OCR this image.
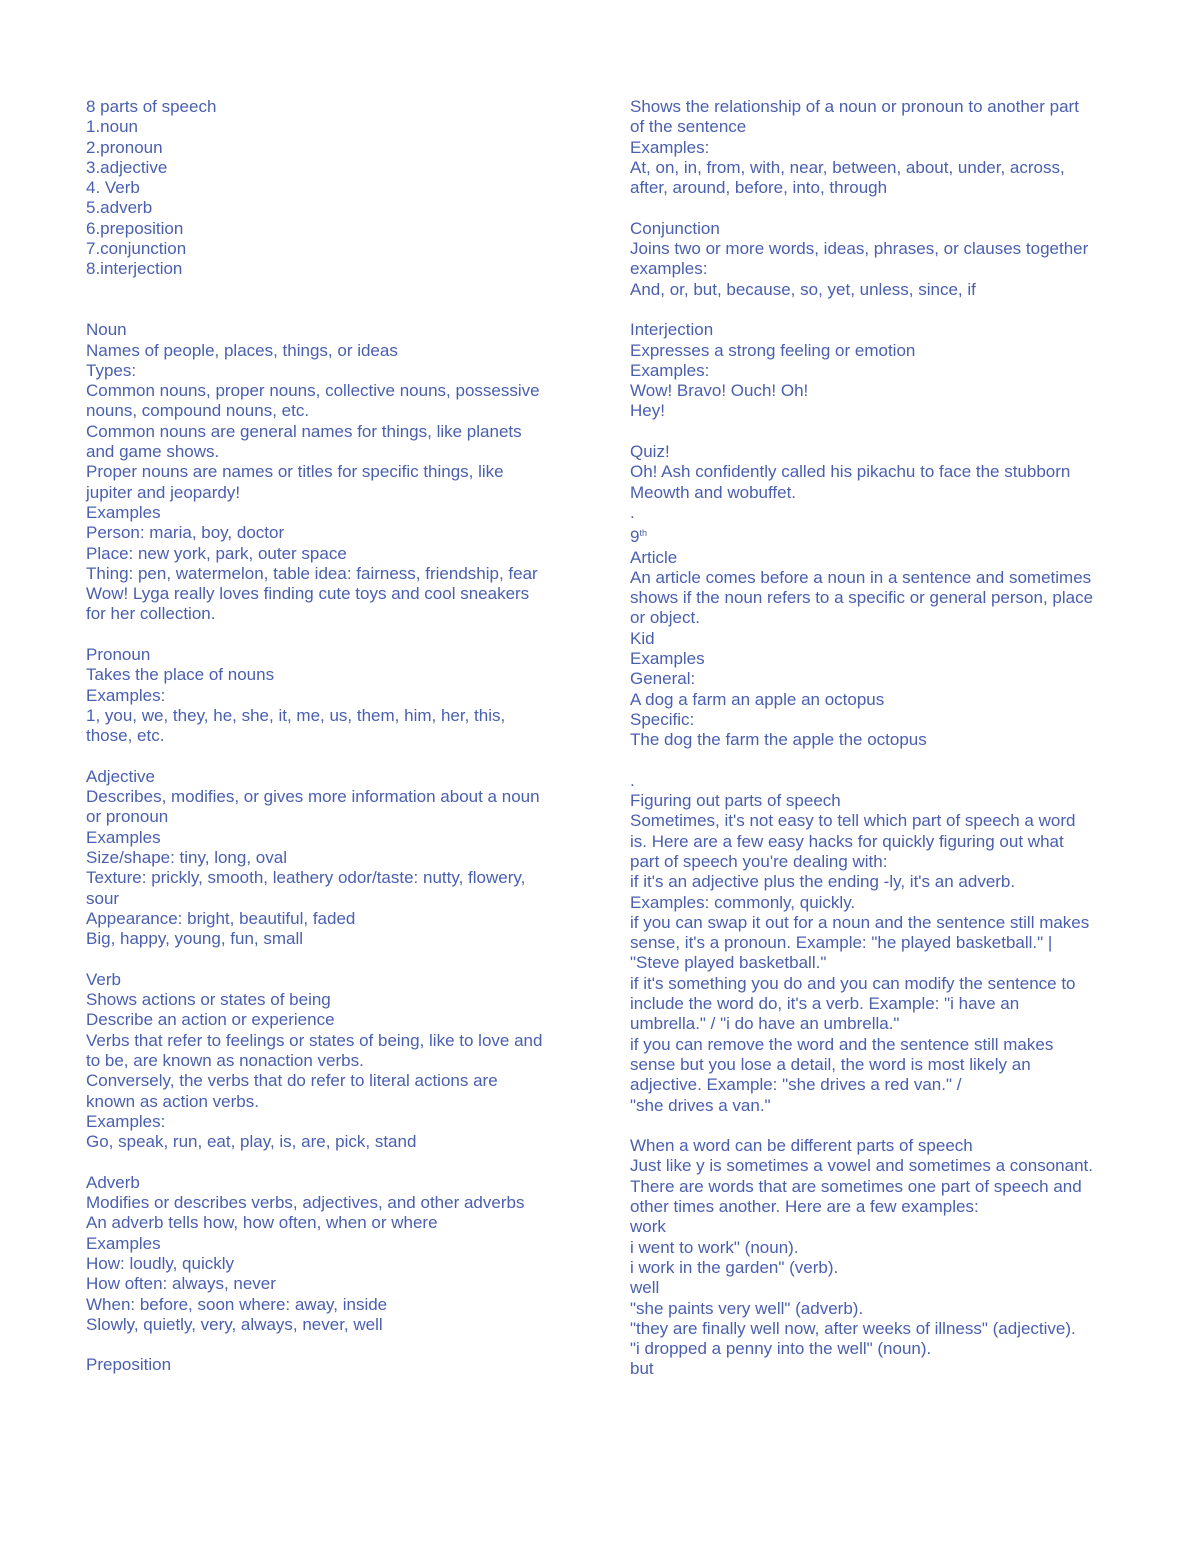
8 parts of speech
1.noun
2.pronoun
3.adjective
4. Verb
5.adverb
6.preposition
7.conjunction
8.interjection
Noun
Names of people, places, things, or ideas
Types:
Common nouns, proper nouns, collective nouns, possessive
nouns, compound nouns, etc.
Common nouns are general names for things, like planets
and game shows.
Proper nouns are names or titles for specific things, like
jupiter and jeopardy!
Examples
Person: maria, boy, doctor
Place: new york, park, outer space
Thing: pen, watermelon, table idea: fairness, friendship, fear
Wow! Lyga really loves finding cute toys and cool sneakers
for her collection.
Pronoun
Takes the place of nouns
Examples:
1, you, we, they, he, she, it, me, us, them, him, her, this,
those, etc.
Adjective
Describes, modifies, or gives more information about a noun
or pronoun
Examples
Size/shape: tiny, long, oval
Texture: prickly, smooth, leathery odor/taste: nutty, flowery,
sour
Appearance: bright, beautiful, faded
Big, happy, young, fun, small
Verb
Shows actions or states of being
Describe an action or experience
Verbs that refer to feelings or states of being, like to love and
to be, are known as nonaction verbs.
Conversely, the verbs that do refer to literal actions are
known as action verbs.
Examples:
Go, speak, run, eat, play, is, are, pick, stand
Adverb
Modifies or describes verbs, adjectives, and other adverbs
An adverb tells how, how often, when or where
Examples
How: loudly, quickly
How often: always, never
When: before, soon where: away, inside
Slowly, quietly, very, always, never, well
Preposition
Shows the relationship of a noun or pronoun to another part
of the sentence
Examples:
At, on, in, from, with, near, between, about, under, across,
after, around, before, into, through
Conjunction
Joins two or more words, ideas, phrases, or clauses together
examples:
And, or, but, because, so, yet, unless, since, if
Interjection
Expresses a strong feeling or emotion
Examples:
Wow! Bravo! Ouch! Oh!
Hey!
Quiz!
Oh! Ash confidently called his pikachu to face the stubborn
Meowth and wobuffet.
.
9th
Article
An article comes before a noun in a sentence and sometimes
shows if the noun refers to a specific or general person, place
or object.
Kid
Examples
General:
A dog a farm an apple an octopus
Specific:
The dog the farm the apple the octopus
.
Figuring out parts of speech
Sometimes, it's not easy to tell which part of speech a word
is. Here are a few easy hacks for quickly figuring out what
part of speech you're dealing with:
if it's an adjective plus the ending -ly, it's an adverb.
Examples: commonly, quickly.
if you can swap it out for a noun and the sentence still makes
sense, it's a pronoun. Example: "he played basketball." |
"Steve played basketball."
if it's something you do and you can modify the sentence to
include the word do, it's a verb. Example: "i have an
umbrella." / "i do have an umbrella."
if you can remove the word and the sentence still makes
sense but you lose a detail, the word is most likely an
adjective. Example: "she drives a red van." /
"she drives a van."
When a word can be different parts of speech
Just like y is sometimes a vowel and sometimes a consonant.
There are words that are sometimes one part of speech and
other times another. Here are a few examples:
work
i went to work" (noun).
i work in the garden" (verb).
well
"she paints very well" (adverb).
"they are finally well now, after weeks of illness" (adjective).
"i dropped a penny into the well" (noun).
but
